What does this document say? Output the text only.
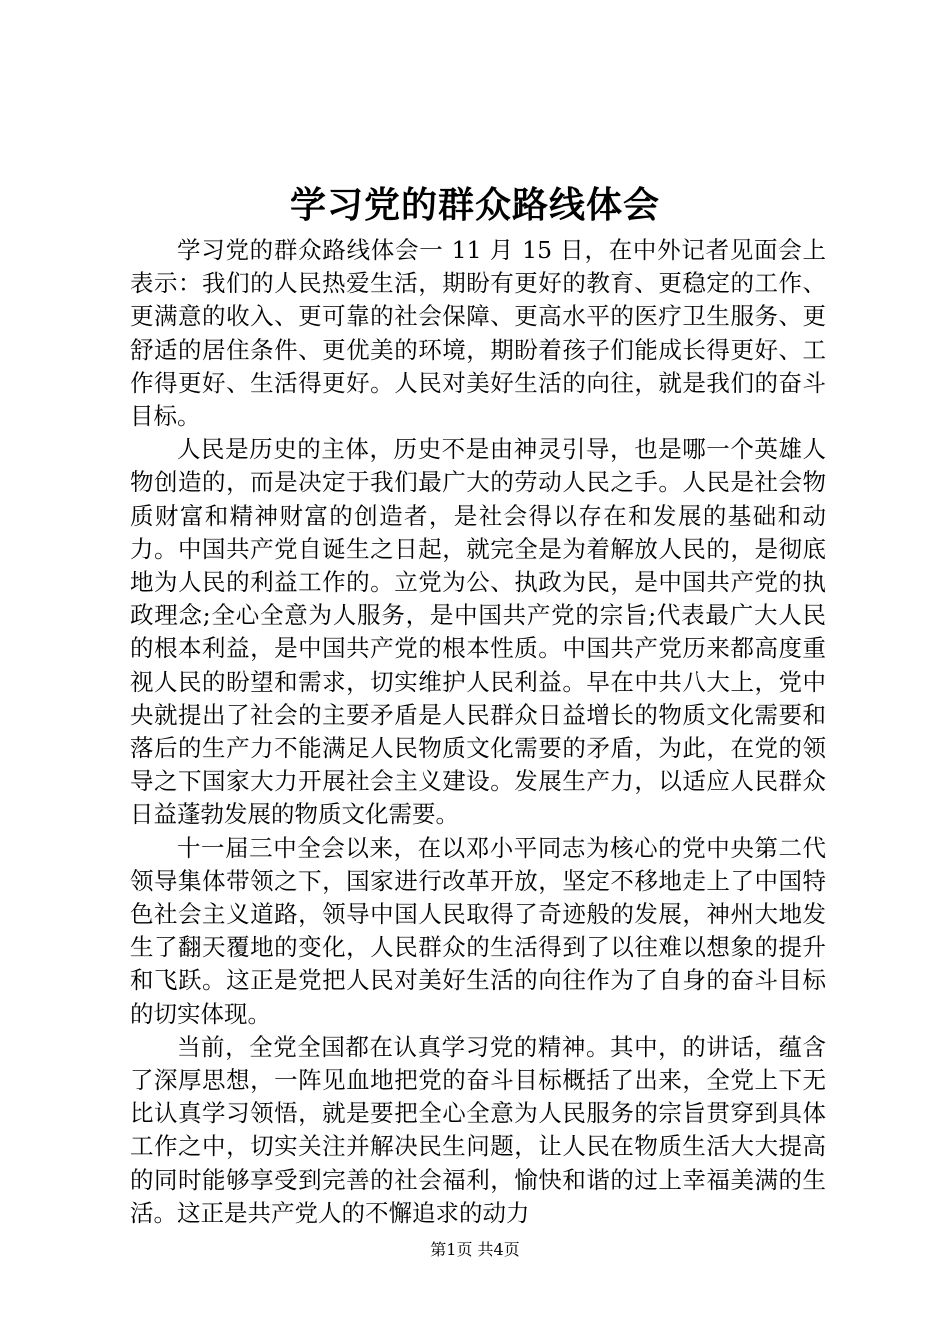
学习党的群众路线体会

学习党的群众路线体会一 11 月 15 日，在中外记者见面会上表示：我们的人民热爱生活，期盼有更好的教育、更稳定的工作、更满意的收入、更可靠的社会保障、更高水平的医疗卫生服务、更舒适的居住条件、更优美的环境，期盼着孩子们能成长得更好、工作得更好、生活得更好。人民对美好生活的向往，就是我们的奋斗目标。

人民是历史的主体，历史不是由神灵引导，也是哪一个英雄人物创造的，而是决定于我们最广大的劳动人民之手。人民是社会物质财富和精神财富的创造者，是社会得以存在和发展的基础和动力。中国共产党自诞生之日起，就完全是为着解放人民的，是彻底地为人民的利益工作的。立党为公、执政为民，是中国共产党的执政理念;全心全意为人服务，是中国共产党的宗旨;代表最广大人民的根本利益，是中国共产党的根本性质。中国共产党历来都高度重视人民的盼望和需求，切实维护人民利益。早在中共八大上，党中央就提出了社会的主要矛盾是人民群众日益增长的物质文化需要和落后的生产力不能满足人民物质文化需要的矛盾，为此，在党的领导之下国家大力开展社会主义建设。发展生产力，以适应人民群众日益蓬勃发展的物质文化需要。

十一届三中全会以来，在以邓小平同志为核心的党中央第二代领导集体带领之下，国家进行改革开放，坚定不移地走上了中国特色社会主义道路，领导中国人民取得了奇迹般的发展，神州大地发生了翻天覆地的变化，人民群众的生活得到了以往难以想象的提升和飞跃。这正是党把人民对美好生活的向往作为了自身的奋斗目标的切实体现。

当前，全党全国都在认真学习党的精神。其中，的讲话，蕴含了深厚思想，一阵见血地把党的奋斗目标概括了出来，全党上下无比认真学习领悟，就是要把全心全意为人民服务的宗旨贯穿到具体工作之中，切实关注并解决民生问题，让人民在物质生活大大提高的同时能够享受到完善的社会福利，愉快和谐的过上幸福美满的生活。这正是共产党人的不懈追求的动力

第1页 共4页
